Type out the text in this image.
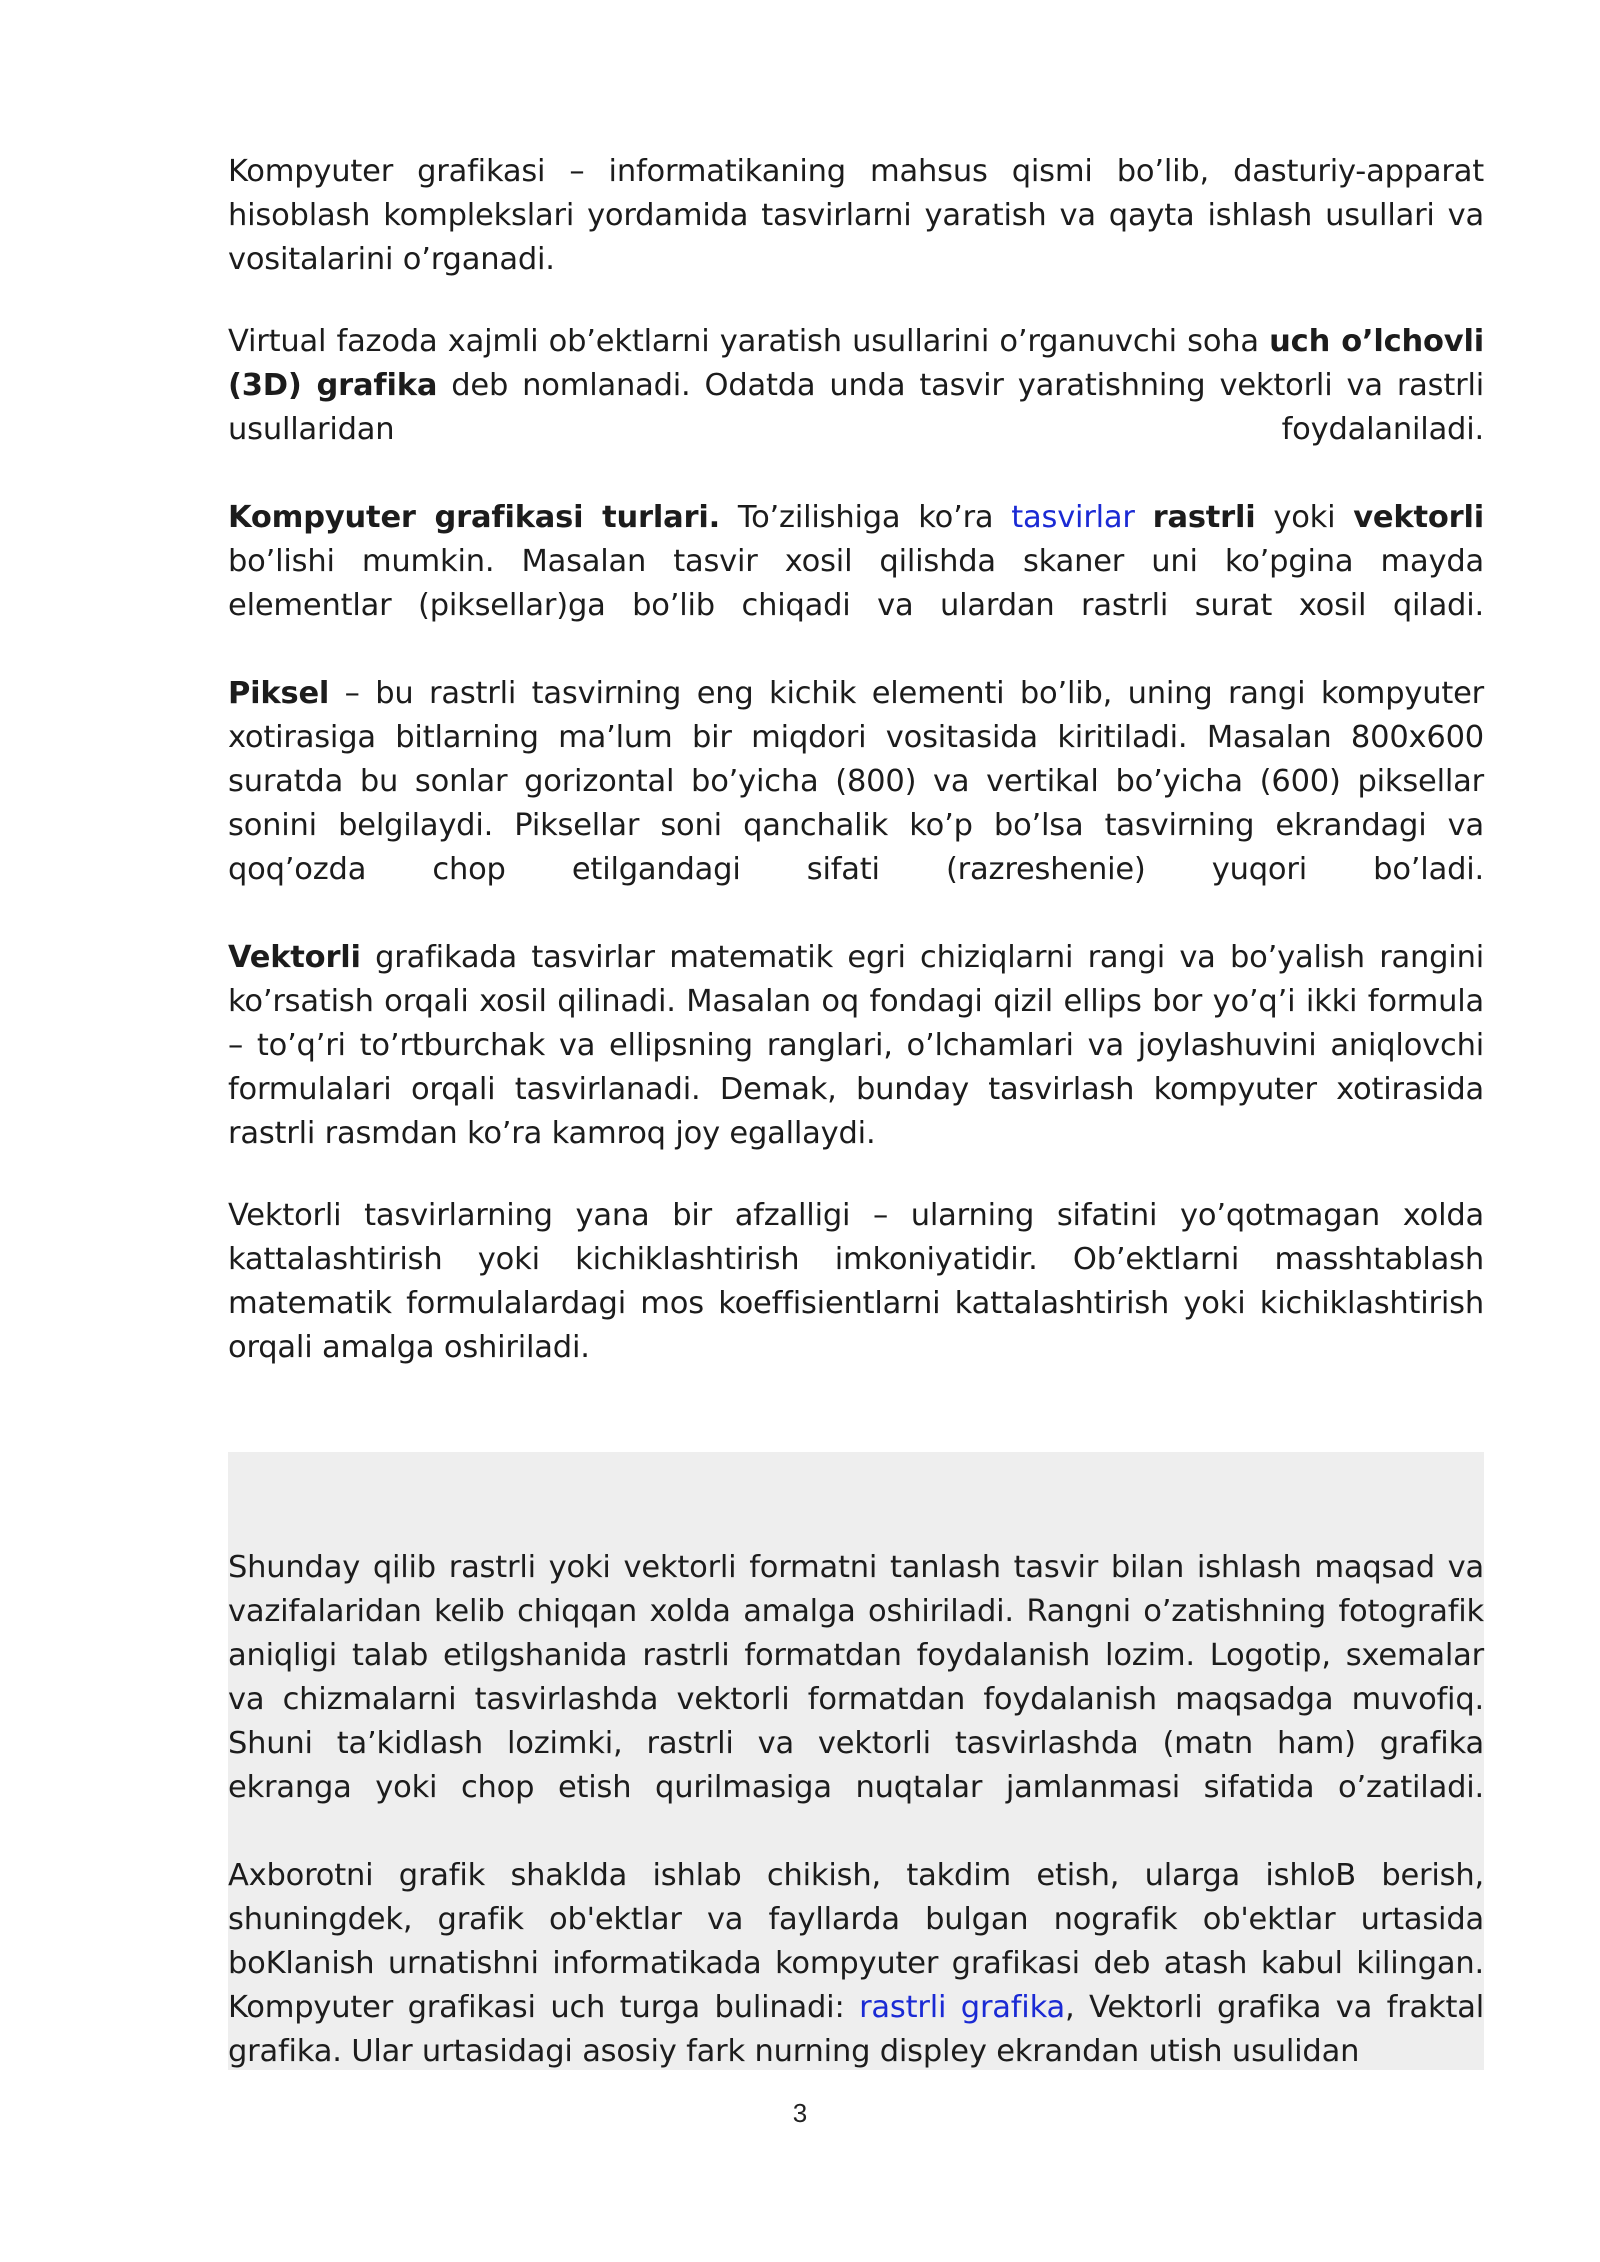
Kompyuter grafikasi – informatikaning mahsus qismi bo’lib, dasturiy-apparat hisoblash komplekslari yordamida tasvirlarni yaratish va qayta ishlash usullari va vositalarini o’rganadi.

Virtual fazoda xajmli ob’ektlarni yaratish usullarini o’rganuvchi soha uch o’lchovli (3D) grafika deb nomlanadi. Odatda unda tasvir yaratishning vektorli va rastrli usullaridan foydalaniladi.

Kompyuter grafikasi turlari. To’zilishiga ko’ra tasvirlar rastrli yoki vektorli bo’lishi mumkin. Masalan tasvir xosil qilishda skaner uni ko’pgina mayda elementlar (piksellar)ga bo’lib chiqadi va ulardan rastrli surat xosil qiladi.

Piksel – bu rastrli tasvirning eng kichik elementi bo’lib, uning rangi kompyuter xotirasiga bitlarning ma’lum bir miqdori vositasida kiritiladi. Masalan 800x600 suratda bu sonlar gorizontal bo’yicha (800) va vertikal bo’yicha (600) piksellar sonini belgilaydi. Piksellar soni qanchalik ko’p bo’lsa tasvirning ekrandagi va qoq’ozda chop etilgandagi sifati (razreshenie) yuqori bo’ladi.

Vektorli grafikada tasvirlar matematik egri chiziqlarni rangi va bo’yalish rangini ko’rsatish orqali xosil qilinadi. Masalan oq fondagi qizil ellips bor yo’q’i ikki formula – to’q’ri to’rtburchak va ellipsning ranglari, o’lchamlari va joylashuvini aniqlovchi formulalari orqali tasvirlanadi. Demak, bunday tasvirlash kompyuter xotirasida rastrli rasmdan ko’ra kamroq joy egallaydi.

Vektorli tasvirlarning yana bir afzalligi – ularning sifatini yo’qotmagan xolda kattalashtirish yoki kichiklashtirish imkoniyatidir. Ob’ektlarni masshtablash matematik formulalardagi mos koeffisientlarni kattalashtirish yoki kichiklashtirish orqali amalga oshiriladi.

Shunday qilib rastrli yoki vektorli formatni tanlash tasvir bilan ishlash maqsad va vazifalaridan kelib chiqqan xolda amalga oshiriladi. Rangni o’zatishning fotografik aniqligi talab etilgshanida rastrli formatdan foydalanish lozim. Logotip, sxemalar va chizmalarni tasvirlashda vektorli formatdan foydalanish maqsadga muvofiq. Shuni ta’kidlash lozimki, rastrli va vektorli tasvirlashda (matn ham) grafika ekranga yoki chop etish qurilmasiga nuqtalar jamlanmasi sifatida o’zatiladi.

Axborotni grafik shaklda ishlab chikish, takdim etish, ularga ishloB berish, shuningdek, grafik ob'ektlar va fayllarda bulgan nografik ob'ektlar urtasida boKlanish urnatishni informatikada kompyuter grafikasi deb atash kabul kilingan. Kompyuter grafikasi uch turga bulinadi: rastrli grafika, Vektorli grafika va fraktal grafika. Ular urtasidagi asosiy fark nurning displey ekrandan utish usulidan

3
